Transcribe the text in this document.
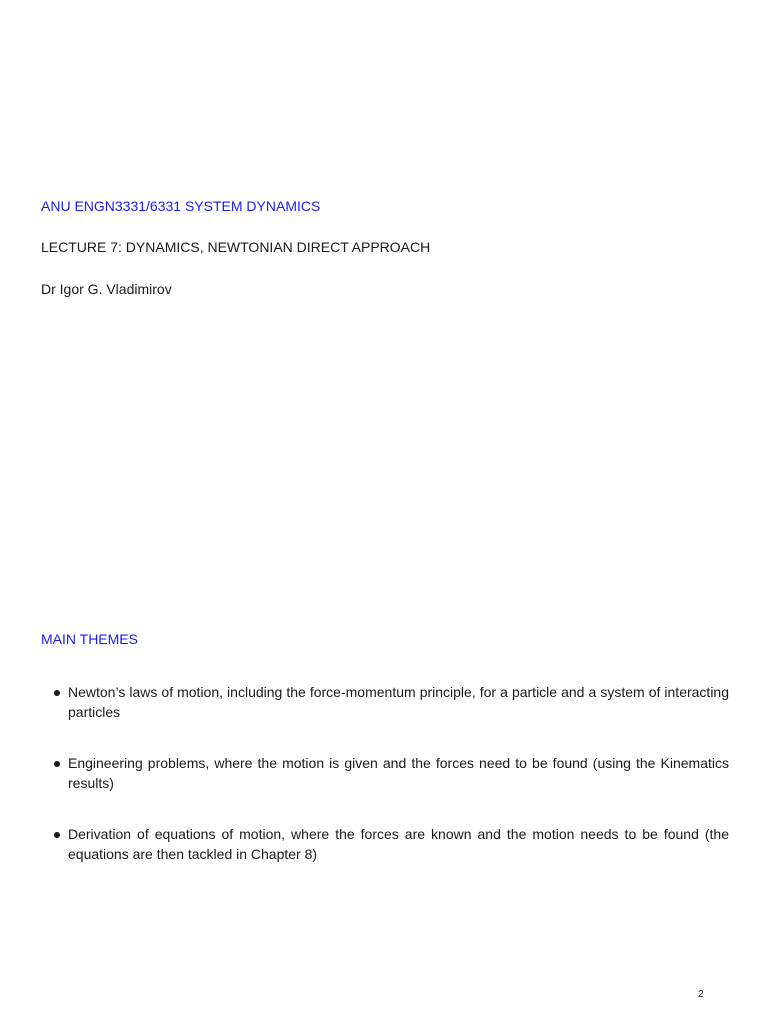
ANU ENGN3331/6331 SYSTEM DYNAMICS
LECTURE 7: DYNAMICS, NEWTONIAN DIRECT APPROACH
Dr Igor G. Vladimirov
MAIN THEMES
Newton’s laws of motion, including the force-momentum principle, for a particle and a system of interacting particles
Engineering problems, where the motion is given and the forces need to be found (using the Kinematics results)
Derivation of equations of motion, where the forces are known and the motion needs to be found (the equations are then tackled in Chapter 8)
2
